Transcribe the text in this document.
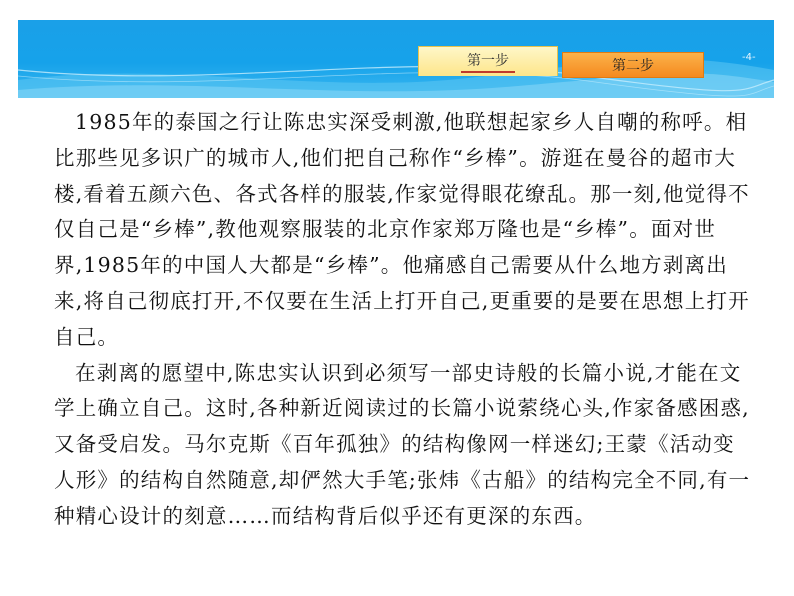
第一步	第二步
-4-

1985年的泰国之行让陈忠实深受刺激,他联想起家乡人自嘲的称呼。相比那些见多识广的城市人,他们把自己称作“乡棒”。游逛在曼谷的超市大楼,看着五颜六色、各式各样的服装,作家觉得眼花缭乱。那一刻,他觉得不仅自己是“乡棒”,教他观察服装的北京作家郑万隆也是“乡棒”。面对世界,1985年的中国人大都是“乡棒”。他痛感自己需要从什么地方剥离出来,将自己彻底打开,不仅要在生活上打开自己,更重要的是要在思想上打开自己。

在剥离的愿望中,陈忠实认识到必须写一部史诗般的长篇小说,才能在文学上确立自己。这时,各种新近阅读过的长篇小说萦绕心头,作家备感困惑,又备受启发。马尔克斯《百年孤独》的结构像网一样迷幻;王蒙《活动变人形》的结构自然随意,却俨然大手笔;张炜《古船》的结构完全不同,有一种精心设计的刻意……而结构背后似乎还有更深的东西。
